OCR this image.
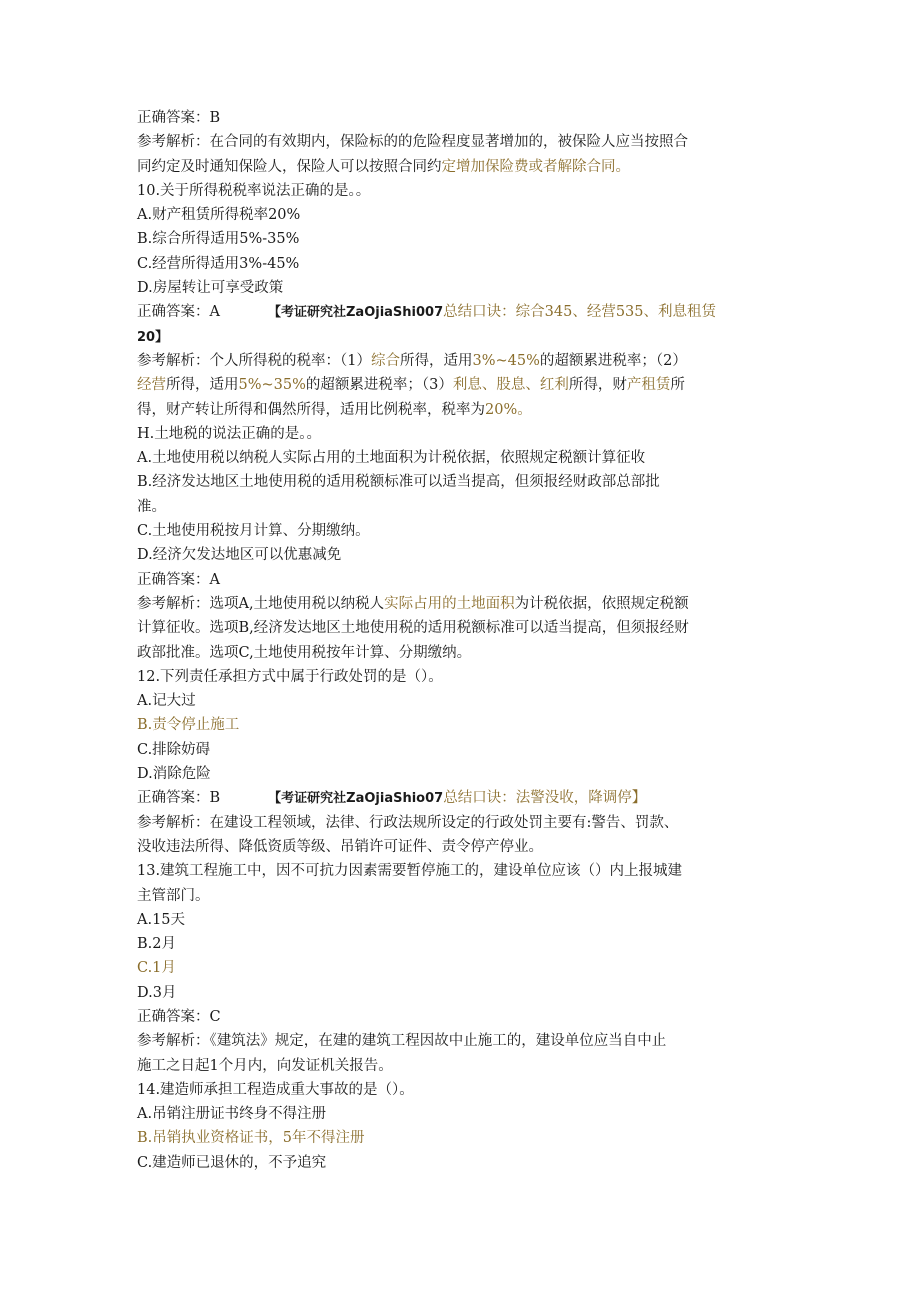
正确答案：B
参考解析：在合同的有效期内，保险标的的危险程度显著增加的，被保险人应当按照合
同约定及时通知保险人，保险人可以按照合同约定增加保险费或者解除合同。
10.关于所得税税率说法正确的是。。
A.财产租赁所得税率20%
B.综合所得适用5%-35%
C.经营所得适用3%-45%
D.房屋转让可享受政策
正确答案：A	【考证研究社ZaOjiaShi007总结口诀：综合345、经营535、利息租赁
20】
参考解析：个人所得税的税率：（1）综合所得，适用3%~45%的超额累进税率；（2）
经营所得，适用5%~35%的超额累进税率；（3）利息、股息、红利所得，财产租赁所
得，财产转让所得和偶然所得，适用比例税率，税率为20%。
H.土地税的说法正确的是。。
A.土地使用税以纳税人实际占用的土地面积为计税依据，依照规定税额计算征收
B.经济发达地区土地使用税的适用税额标准可以适当提高，但须报经财政部总部批
准。
C.土地使用税按月计算、分期缴纳。
D.经济欠发达地区可以优惠减免
正确答案：A
参考解析：选项A,土地使用税以纳税人实际占用的土地面积为计税依据，依照规定税额
计算征收。选项B,经济发达地区土地使用税的适用税额标准可以适当提高，但须报经财
政部批准。选项C,土地使用税按年计算、分期缴纳。
12.下列责任承担方式中属于行政处罚的是（）。
A.记大过
B.责令停止施工
C.排除妨碍
D.消除危险
正确答案：B	【考证研究社ZaOjiaShio07总结口诀：法警没收，降调停】
参考解析：在建设工程领域，法律、行政法规所设定的行政处罚主要有:警告、罚款、
没收违法所得、降低资质等级、吊销许可证件、责令停产停业。
13.建筑工程施工中，因不可抗力因素需要暂停施工的，建设单位应该（）内上报城建
主管部门。
A.15天
B.2月
C.1月
D.3月
正确答案：C
参考解析：《建筑法》规定，在建的建筑工程因故中止施工的，建设单位应当自中止
施工之日起1个月内，向发证机关报告。
14.建造师承担工程造成重大事故的是（）。
A.吊销注册证书终身不得注册
B.吊销执业资格证书，5年不得注册
C.建造师已退休的，不予追究
